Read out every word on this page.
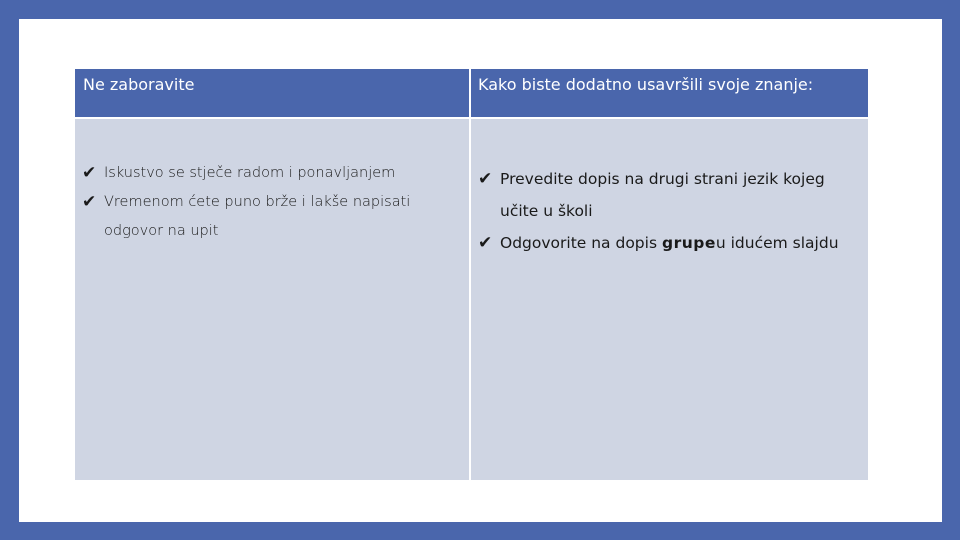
Ne zaboravite	Kako biste dodatno usavršili svoje znanje:
✔ Iskustvo se stječe radom i ponavljanjem
✔ Vremenom ćete puno brže i lakše napisati odgovor na upit
✔ Prevedite dopis na drugi strani jezik kojeg učite u školi
✔ Odgovorite na dopis grupeu idućem slajdu
